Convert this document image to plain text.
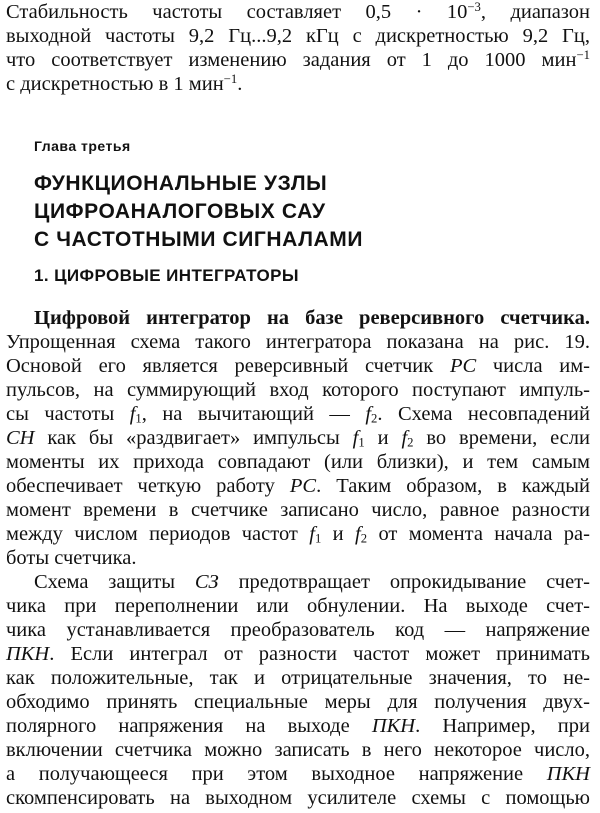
Стабильность частоты составляет $0,5 \cdot 10^{-3}$, диапазон
выходной частоты 9,2 Гц...9,2 кГц с дискретностью 9,2 Гц,
что соответствует изменению задания от 1 до 1000 мин$^{-1}$
с дискретностью в 1 мин$^{-1}$.
Глава третья
ФУНКЦИОНАЛЬНЫЕ УЗЛЫ
ЦИФРОАНАЛОГОВЫХ САУ
С ЧАСТОТНЫМИ СИГНАЛАМИ
1. ЦИФРОВЫЕ ИНТЕГРАТОРЫ
Цифровой интегратор на базе реверсивного счетчика.
Упрощенная схема такого интегратора показана на рис. 19.
Основой его является реверсивный счетчик PC числа им-
пульсов, на суммирующий вход которого поступают импуль-
сы частоты $f_1$, на вычитающий — $f_2$. Схема несовпадений
CH как бы «раздвигает» импульсы $f_1$ и $f_2$ во времени, если
моменты их прихода совпадают (или близки), и тем самым
обеспечивает четкую работу PC. Таким образом, в каждый
момент времени в счетчике записано число, равное разности
между числом периодов частот $f_1$ и $f_2$ от момента начала ра-
боты счетчика.
Схема защиты СЗ предотвращает опрокидывание счет-
чика при переполнении или обнулении. На выходе счет-
чика устанавливается преобразователь код — напряжение
ПКН. Если интеграл от разности частот может принимать
как положительные, так и отрицательные значения, то не-
обходимо принять специальные меры для получения двух-
полярного напряжения на выходе ПКН. Например, при
включении счетчика можно записать в него некоторое число,
а получающееся при этом выходное напряжение ПКН
скомпенсировать на выходном усилителе схемы с помощью
